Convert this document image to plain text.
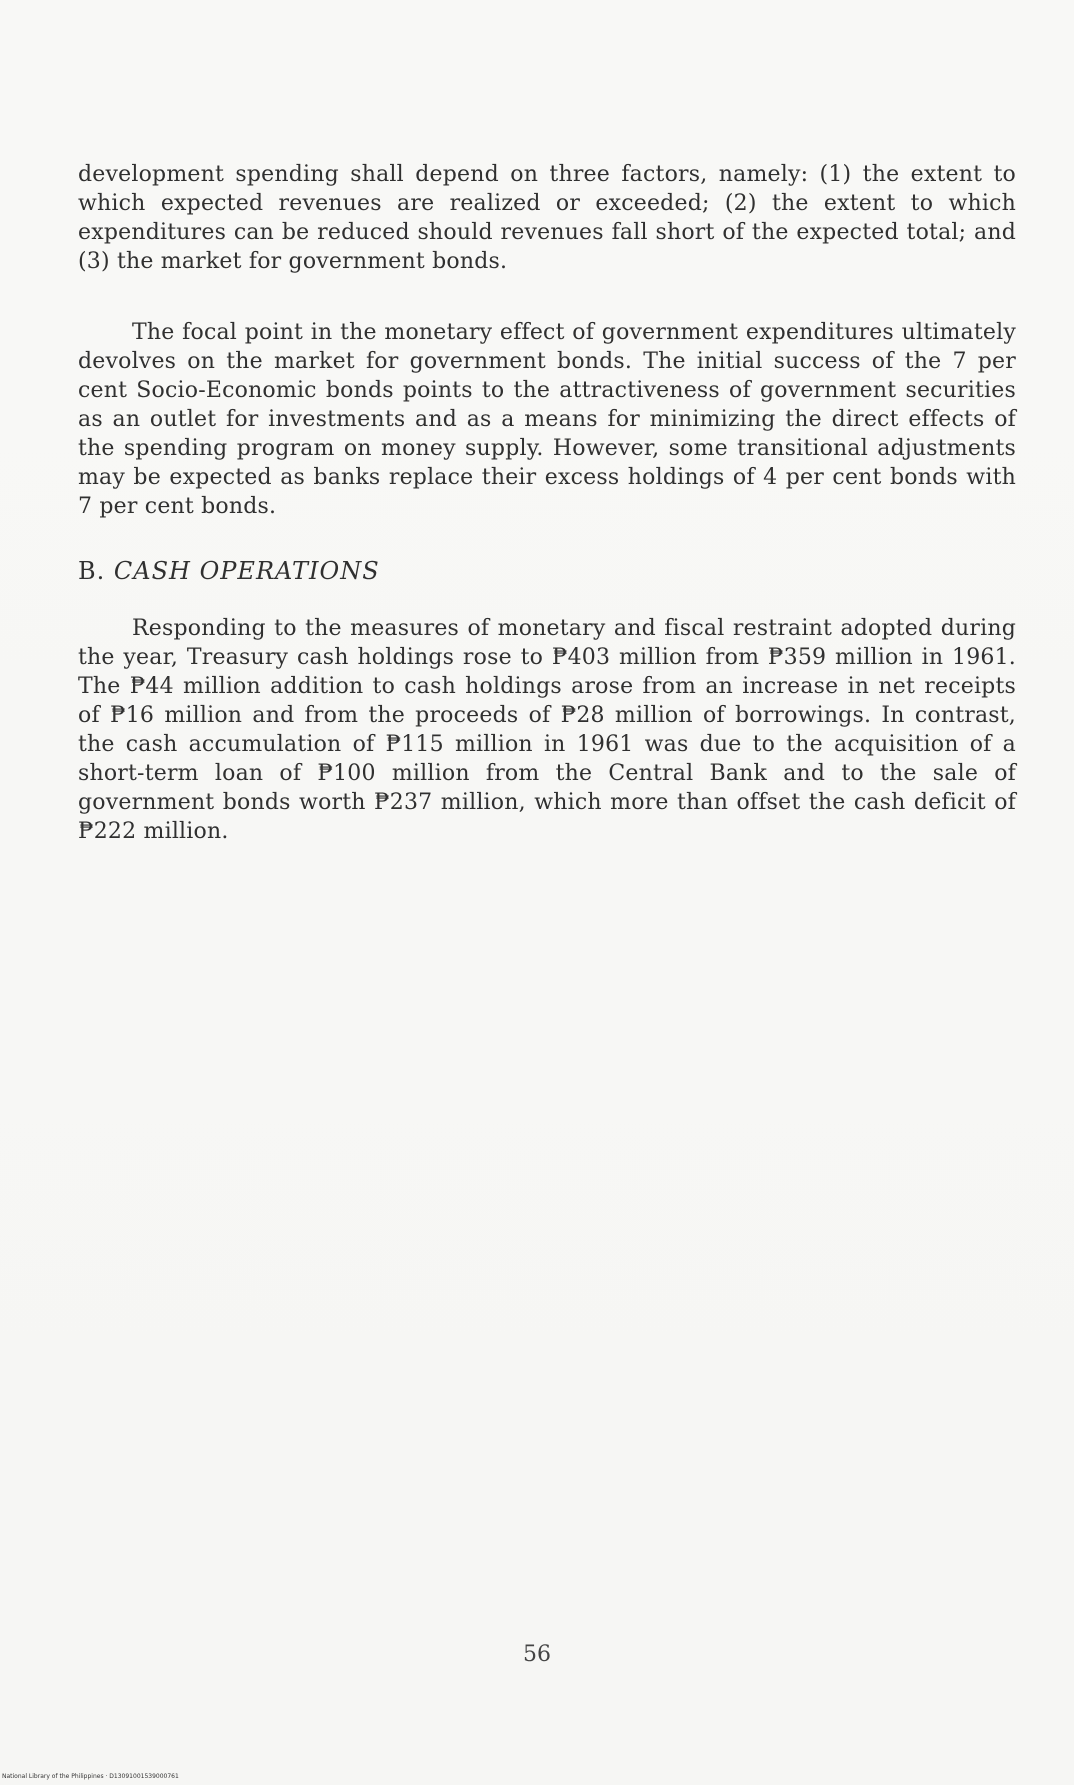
development spending shall depend on three factors, namely: (1) the extent to which expected revenues are realized or exceeded; (2) the extent to which expenditures can be reduced should revenues fall short of the expected total; and (3) the market for government bonds.

The focal point in the monetary effect of government expenditures ultimately devolves on the market for government bonds. The initial success of the 7 per cent Socio-Economic bonds points to the attractiveness of government securities as an outlet for investments and as a means for minimizing the direct effects of the spending program on money supply. However, some transitional adjustments may be expected as banks replace their excess holdings of 4 per cent bonds with 7 per cent bonds.

B. CASH OPERATIONS

Responding to the measures of monetary and fiscal restraint adopted during the year, Treasury cash holdings rose to ₱403 million from ₱359 million in 1961. The ₱44 million addition to cash holdings arose from an increase in net receipts of ₱16 million and from the proceeds of ₱28 million of borrowings. In contrast, the cash accumulation of ₱115 million in 1961 was due to the acquisition of a short-term loan of ₱100 million from the Central Bank and to the sale of government bonds worth ₱237 million, which more than offset the cash deficit of ₱222 million.

56

National Library of the Philippines · D13091001539000761
